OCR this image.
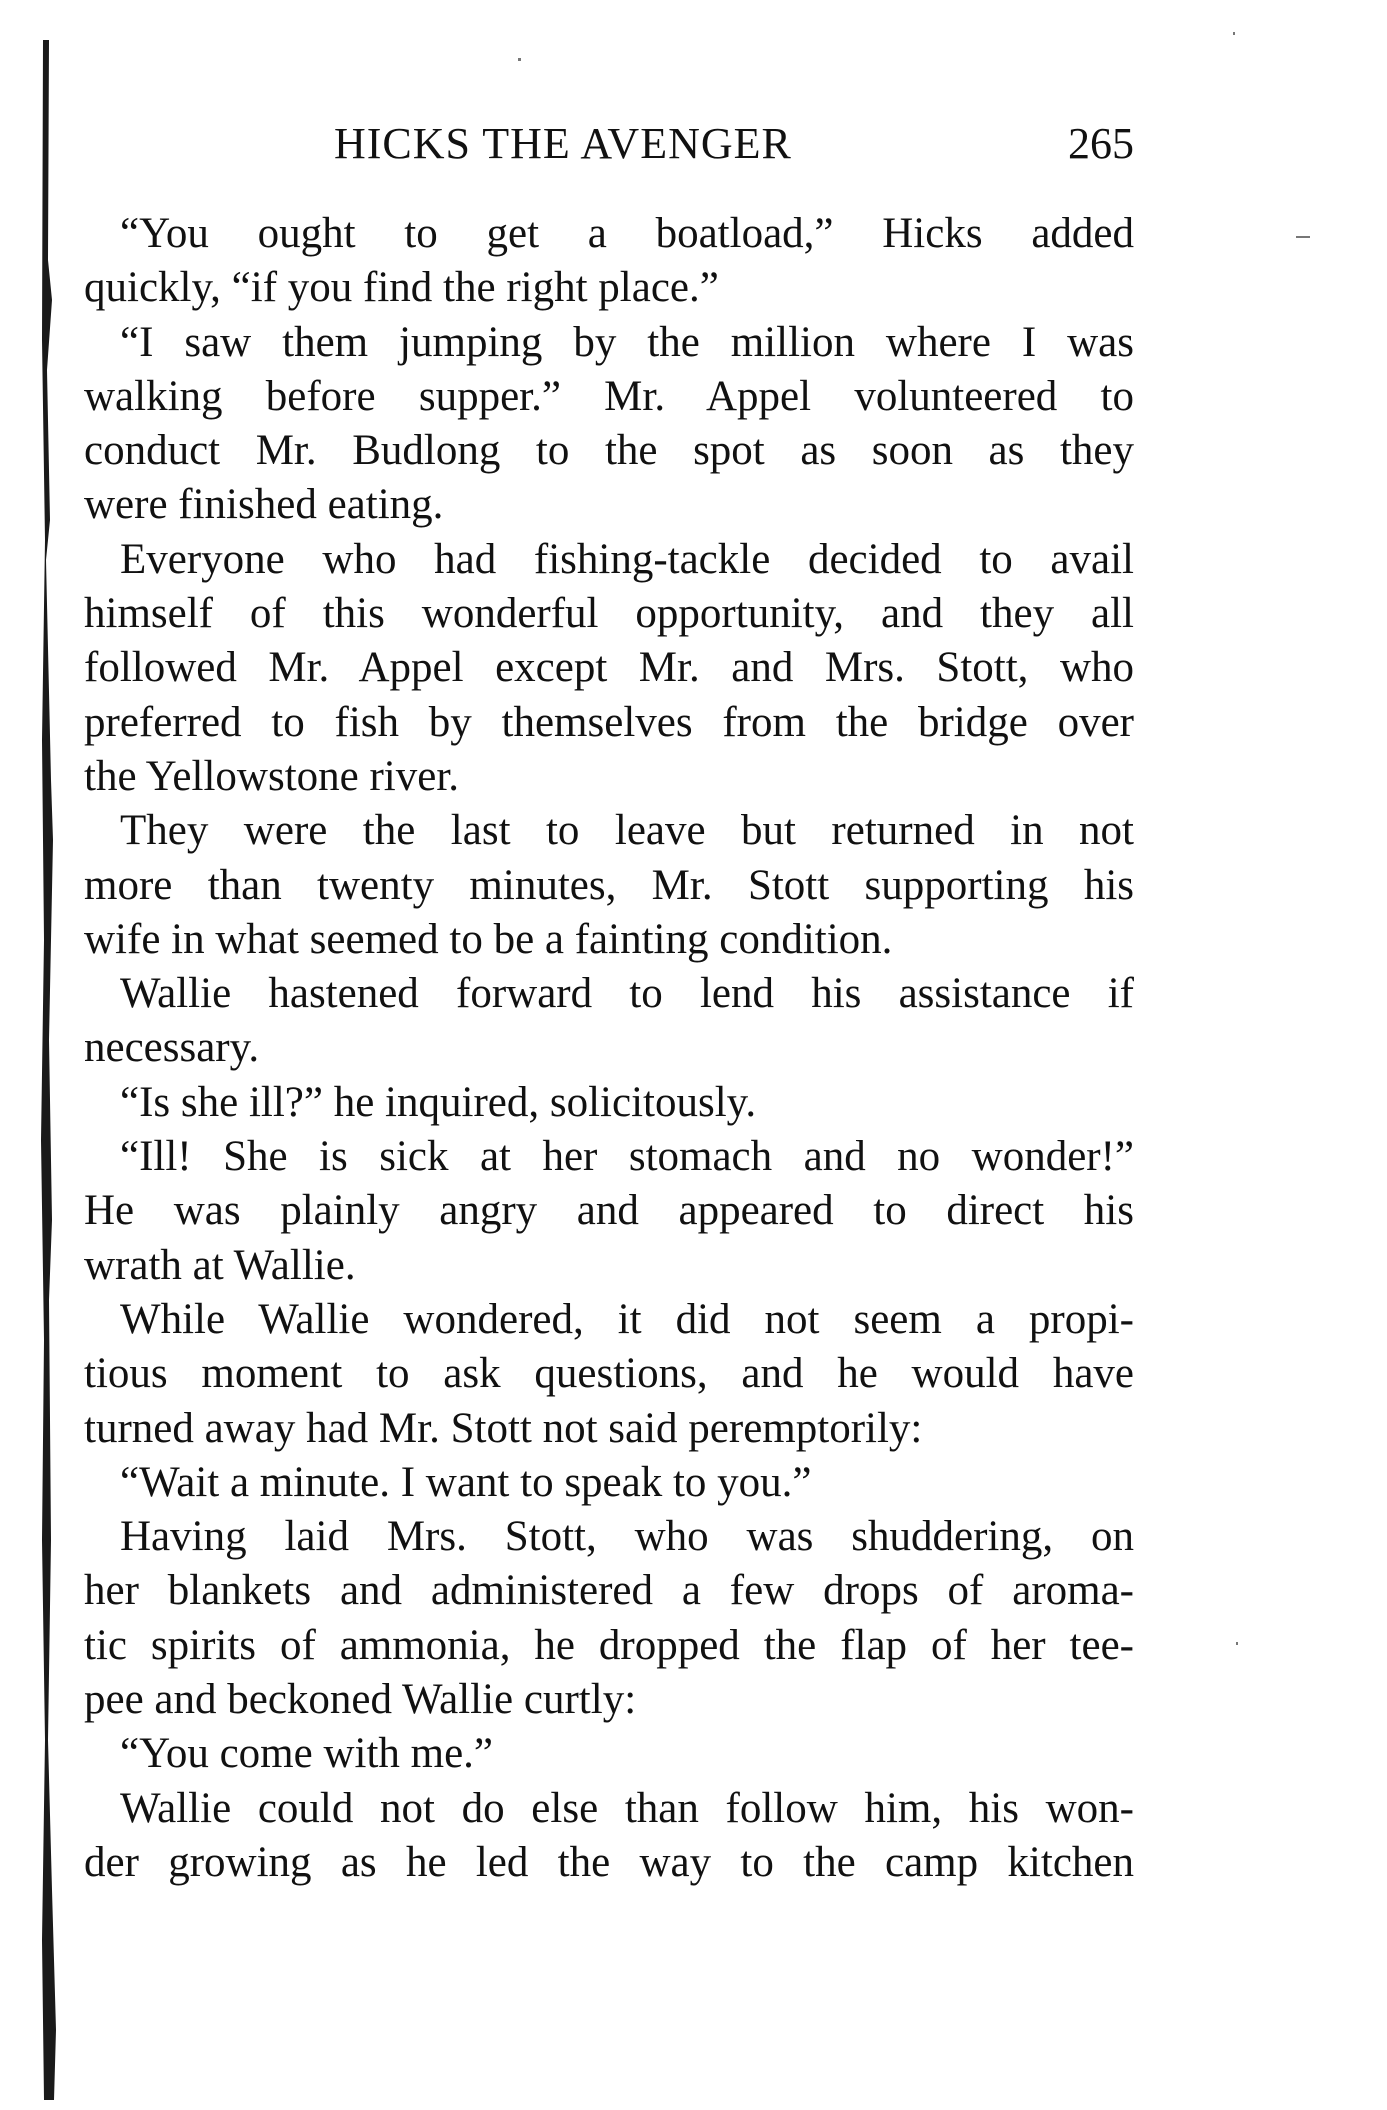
HICKS THE AVENGER	265
“You ought to get a boatload,” Hicks added
quickly, “if you find the right place.”
“I saw them jumping by the million where I was
walking before supper.” Mr. Appel volunteered to
conduct Mr. Budlong to the spot as soon as they
were finished eating.
Everyone who had fishing-tackle decided to avail
himself of this wonderful opportunity, and they all
followed Mr. Appel except Mr. and Mrs. Stott, who
preferred to fish by themselves from the bridge over
the Yellowstone river.
They were the last to leave but returned in not
more than twenty minutes, Mr. Stott supporting his
wife in what seemed to be a fainting condition.
Wallie hastened forward to lend his assistance if
necessary.
“Is she ill?” he inquired, solicitously.
“Ill! She is sick at her stomach and no wonder!”
He was plainly angry and appeared to direct his
wrath at Wallie.
While Wallie wondered, it did not seem a propi-
tious moment to ask questions, and he would have
turned away had Mr. Stott not said peremptorily:
“Wait a minute. I want to speak to you.”
Having laid Mrs. Stott, who was shuddering, on
her blankets and administered a few drops of aroma-
tic spirits of ammonia, he dropped the flap of her tee-
pee and beckoned Wallie curtly:
“You come with me.”
Wallie could not do else than follow him, his won-
der growing as he led the way to the camp kitchen
